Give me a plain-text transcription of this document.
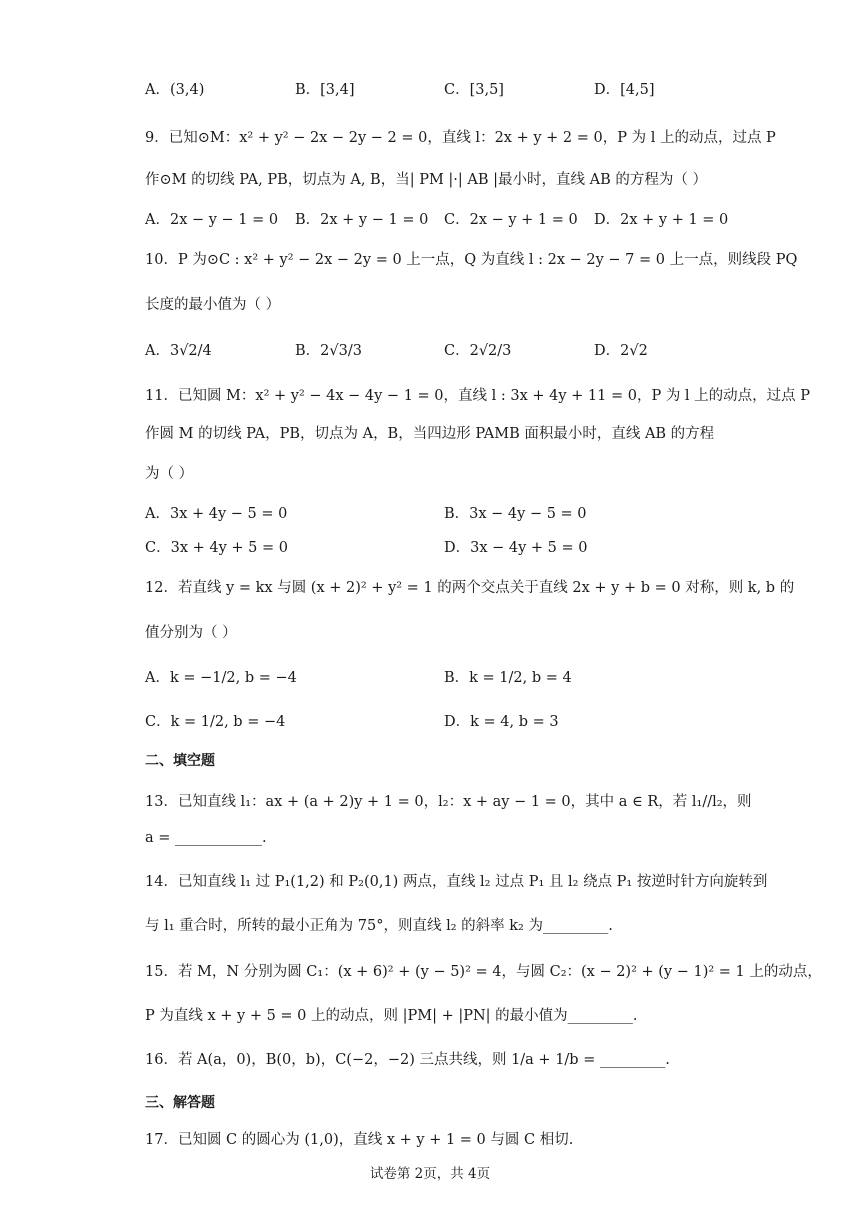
A．(3,4)	B．[3,4]	C．[3,5]	D．[4,5]
9．已知⊙M：x² + y² − 2x − 2y − 2 = 0，直线 l：2x + y + 2 = 0，P 为 l 上的动点，过点 P
作⊙M 的切线 PA, PB，切点为 A, B，当| PM |·| AB |最小时，直线 AB 的方程为（ ）
A．2x − y − 1 = 0 B．2x + y − 1 = 0 C．2x − y + 1 = 0 D．2x + y + 1 = 0
10．P 为⊙C : x² + y² − 2x − 2y = 0 上一点，Q 为直线 l : 2x − 2y − 7 = 0 上一点，则线段 PQ
长度的最小值为（ ）
A．3√2/4	B．2√3/3	C．2√2/3	D．2√2
11．已知圆 M：x² + y² − 4x − 4y − 1 = 0，直线 l : 3x + 4y + 11 = 0，P 为 l 上的动点，过点 P
作圆 M 的切线 PA，PB，切点为 A，B，当四边形 PAMB 面积最小时，直线 AB 的方程
为（ ）
A．3x + 4y − 5 = 0	B．3x − 4y − 5 = 0
C．3x + 4y + 5 = 0	D．3x − 4y + 5 = 0
12．若直线 y = kx 与圆 (x + 2)² + y² = 1 的两个交点关于直线 2x + y + b = 0 对称，则 k, b 的
值分别为（ ）
A．k = −1/2, b = −4	B．k = 1/2, b = 4
C．k = 1/2, b = −4	D．k = 4, b = 3
二、填空题
13．已知直线 l₁：ax + (a + 2)y + 1 = 0，l₂：x + ay − 1 = 0，其中 a ∈ R，若 l₁//l₂，则
a = ____________.
14．已知直线 l₁ 过 P₁(1,2) 和 P₂(0,1) 两点，直线 l₂ 过点 P₁ 且 l₂ 绕点 P₁ 按逆时针方向旋转到
与 l₁ 重合时，所转的最小正角为 75°，则直线 l₂ 的斜率 k₂ 为_________.
15．若 M，N 分别为圆 C₁：(x + 6)² + (y − 5)² = 4，与圆 C₂：(x − 2)² + (y − 1)² = 1 上的动点，
P 为直线 x + y + 5 = 0 上的动点，则 |PM| + |PN| 的最小值为_________.
16．若 A(a，0)，B(0，b)，C(−2，−2) 三点共线，则 1/a + 1/b = _________.
三、解答题
17．已知圆 C 的圆心为 (1,0)，直线 x + y + 1 = 0 与圆 C 相切.
试卷第 2页，共 4页
